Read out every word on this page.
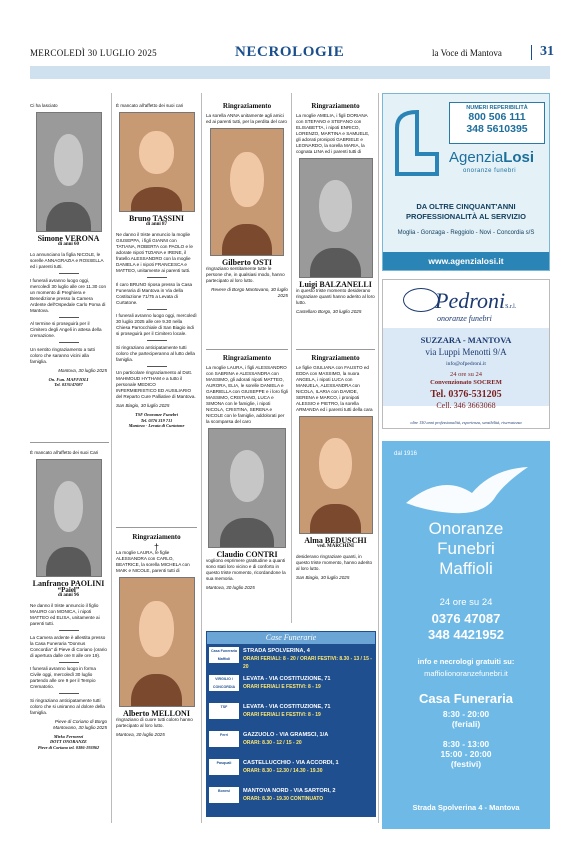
MERCOLEDÌ 30 LUGLIO 2025	NECROLOGIE	la Voce di Mantova	31

Ci ha lasciato

Simone VERONA
di anni 60

Lo annunciano la figlia NICOLE, le sorelle ANNAGRAZIA e ROSSELLA ed i parenti tutti.

I funerali avranno luogo oggi, mercoledì 30 luglio alle ore 11.30 con un momento di Preghiera e Benedizione presso la Camera Ardente dell'Ospedale Carlo Poma di Mantova.

Al termine si proseguirà per il Cimitero degli Angeli in attesa della cremazione.

Un sentito ringraziamento a tutti coloro che saranno vicini alla famiglia.

Mantova, 30 luglio 2025

On. Fun. MAFFIOLI
Tel. 0376/47087

È mancato all'affetto dei suoi Cari

Lanfranco PAOLINI
“Paiel”
di anni 96

Ne danno il triste annuncio il figlio MAURO con MONICA, i nipoti MATTEO ed ELISA, unitamente ai parenti tutti.

La Camera ardente è allestita presso la Casa Funeraria "Donnus Concordia" di Pieve di Coriano (orario di apertura dalle ore 8 alle ore 19).

I funerali avranno luogo in forma Civile oggi, mercoledì 30 luglio partendo alle ore 9 per il Tempio Crematorio.

Si ringraziano anticipatamente tutti coloro che si uniranno al dolore della famiglia.

Pieve di Coriano di Borgo Mantovano, 30 luglio 2025

Mirko Ferrarezi
DOTT ONORANZE
Pieve di Coriano tel. 0386-193862

È mancato all'affetto dei suoi cari

Bruno TASSINI
di anni 87

Ne danno il triste annuncio la moglie GIUSEPPA, i figli GIANNI con TATIANA, ROBERTA con PAOLO e le adorate nipoti TIZIANA e IRENE, il fratello ALESSANDRO con la moglie DANIELA e i nipoti FRANCESCA e MATTEO, unitamente ai parenti tutti.

Il caro BRUNO riposa presso la Casa Funeraria di Mantova in Via della Costituzione 71/75 a Levata di Curtatone.

I funerali avranno luogo oggi, mercoledì 30 luglio 2025 alle ore 9.30 nella Chiesa Parrocchiale di San Biagio indi si proseguirà per il Cimitero locale.

Si ringraziano anticipatamente tutti coloro che parteciperanno al lutto della famiglia.

Un particolare ringraziamento al Dott. MAHMOUD HYTHAM e a tutto il personale MEDICO INFERMIERISTICO ED AUSILIARIO del Reparto Cure Palliative di Mantova.

San Biagio, 30 luglio 2025

TSF Onoranze Funebri
Tel. 0376 319 711
Mantova - Levata di Curtatone
Ringraziamento
†

La moglie LAURA, le figlie ALESSANDRA con CARLO, BEATRICE, la sorella MICHELA con MAIK e NICOLE, parenti tutti di

Alberto MELLONI

ringraziano di cuore tutti coloro hanno partecipato al loro lutto.

Mantova, 30 luglio 2025

Ringraziamento

La sorella ANNA unitamente agli amici ed ai parenti tutti, per la perdita del caro

Gilberto OSTI

ringraziano sentitamente tutte le persone che, in qualsiasi modo, hanno partecipato al loro lutto.

Revere di Borgo Mantovano, 30 luglio 2025

Ringraziamento

La moglie LAURA, i figli ALESSANDRO con SABRINA e ALESSANDRA con MASSIMO, gli adorati nipoti MATTEO, AURORA, ELIA, le sorelle DANIELA e GABRIELLA con GIUSEPPE e i loro figli MASSIMO, CRISTIANO, LUCA e SIMONA con le famiglie, i nipoti NICOLA, CRISTINA, SERENA e NICOLE con le famiglie, addolorati per la scomparsa del caro

Claudio CONTRI

vogliono esprimere gratitudine a quanti sono stati loro vicino e di conforto in questo triste momento, ricordandone la sua memoria.

Mantova, 30 luglio 2025

Ringraziamento

La moglie AMELIA, i figli DORIANA con STEFANO e STEFANO con ELISABETTA, i nipoti ENRICO, LORENZO, MARTINA e SAMUELE, gli adorati pronipoti GABRIELE e LEONARDO, la sorella MARIA, la cognata LINA ed i parenti tutti di

Luigi BALZANELLI

in questo triste momento desiderano ringraziare quanti hanno aderito al loro lutto.

Castellaro Borgo, 30 luglio 2025

Ringraziamento

Le figlie GIULIANA con FAUSTO ed EDDA con MASSIMO, la nuora ANGELA, i nipoti LUCA con MANUELA, ALESSANDRA con NICOLA, ILARIA con DAVIDE, SERENA e MARCO, i pronipoti ALESSIO e PIETRO, la sorella ARMANDA ed i parenti tutti della cara

Alma BEDUSCHI
ved. MARCHINI

desiderano ringraziare quanti, in questo triste momento, hanno aderito al loro lutto.

San Biagio, 30 luglio 2025

NUMERI REPERIBILITÀ
800 506 111
348 5610395
AgenziaLosi
onoranze funebri
DA OLTRE CINQUANT'ANNI
PROFESSIONALITÀ AL SERVIZIO
Moglia - Gonzaga - Reggiolo - Novi - Concordia s/S
www.agenzialosi.it
PedroniS.r.l.
onoranze funebri
SUZZARA - MANTOVA
via Luppi Menotti 9/A
info@ofpedroni.it
24 ore su 24
Convenzionato SOCREM
Tel. 0376-531205
Cell. 346 3663068
oltre 150 anni professionalità, esperienza, sensibilità, riservatezza
dal 1916
Onoranze
Funebri
Maffioli
24 ore su 24
0376 47087
348 4421952
info e necrologi gratuiti su:
maffiolionoranzefunebri.it
Casa Funeraria
8:30 - 20:00
(feriali)
8:30 - 13:00
15:00 - 20:00
(festivi)
Strada Spolverina 4 - Mantova
Case Funerarie
Casa Funeraria Maffioli
STRADA SPOLVERINA, 4
ORARI FERIALI: 8 - 20 / ORARI FESTIVI: 8.30 - 13 / 15 - 20
VIRGILIO / CONCORDIA
LEVATA - VIA COSTITUZIONE, 71
ORARI FERIALI E FESTIVI: 8 - 19
TSF	LEVATA - VIA COSTITUZIONE, 71
ORARI FERIALI E FESTIVI: 8 - 19
Ferri	GAZZUOLO - VIA GRAMSCI, 1/A
ORARI: 8.30 - 12 / 15 - 20
Pasquali	CASTELLUCCHIO - VIA ACCORDI, 1
ORARI: 8.30 - 12.30 / 14.30 - 19.30
Bonesi	MANTOVA NORD - VIA SARTORI, 2
ORARI: 8.30 - 19.30 CONTINUATO
